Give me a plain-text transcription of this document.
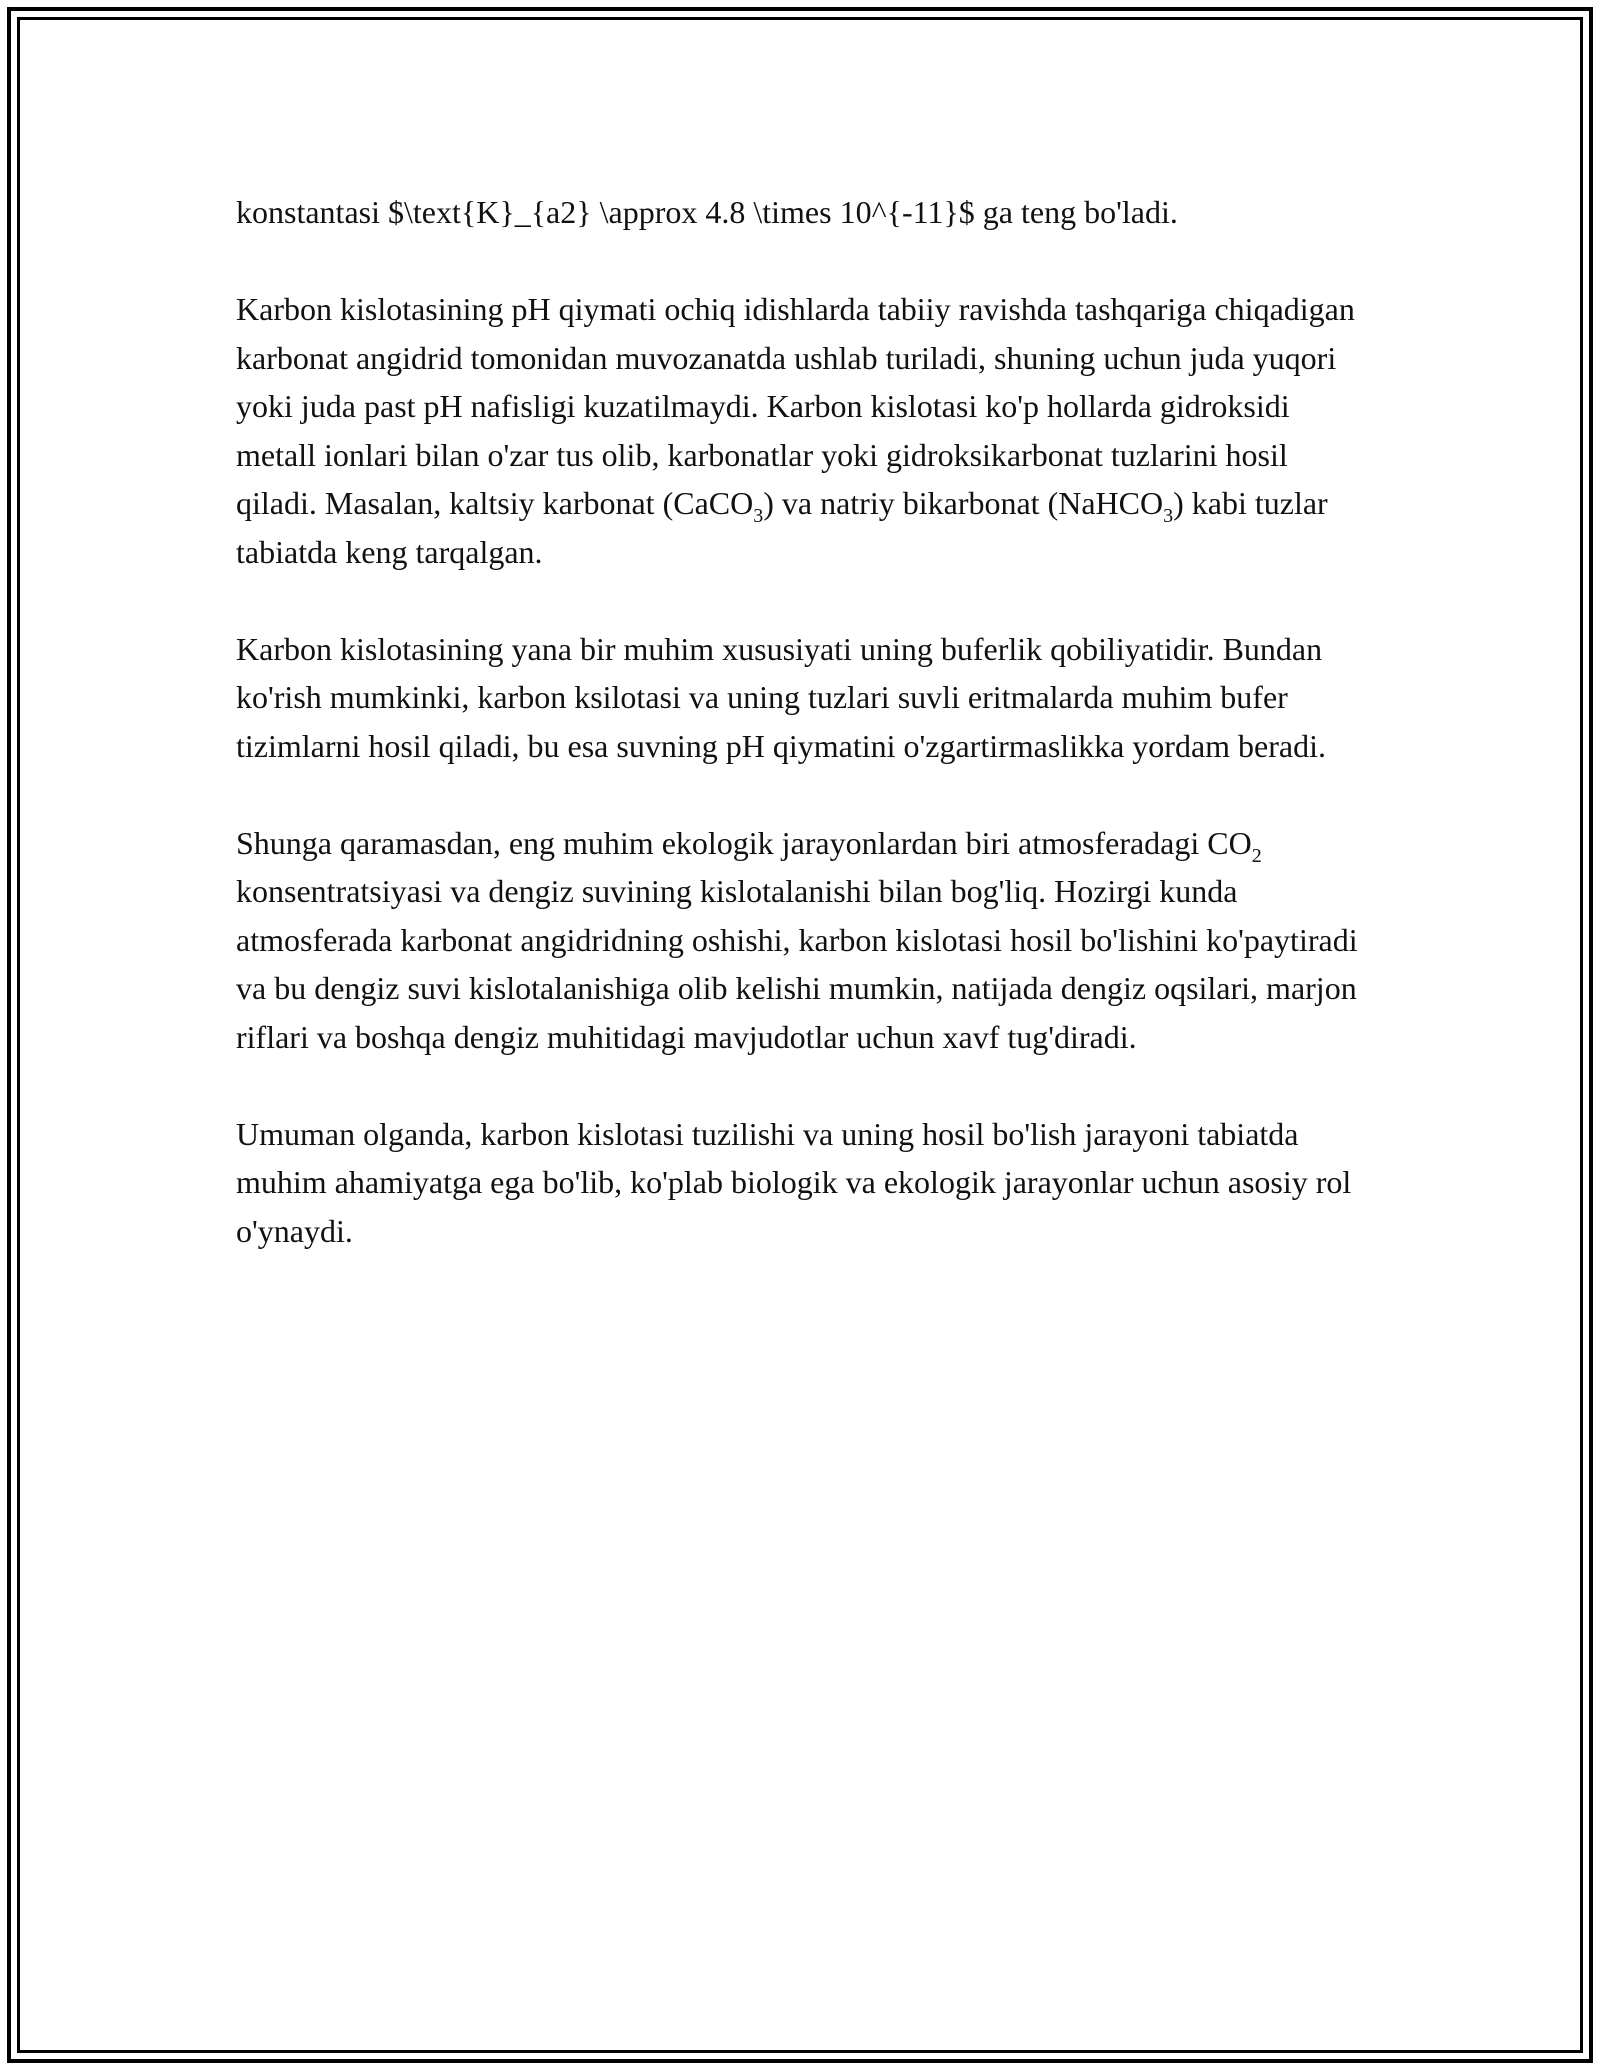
konstantasi $\text{K}_{a2} \approx 4.8 \times 10^{-11}$ ga teng bo'ladi.

Karbon kislotasining pH qiymati ochiq idishlarda tabiiy ravishda tashqariga chiqadigan karbonat angidrid tomonidan muvozanatda ushlab turiladi, shuning uchun juda yuqori yoki juda past pH nafisligi kuzatilmaydi. Karbon kislotasi ko'p hollarda gidroksidi metall ionlari bilan o'zar tus olib, karbonatlar yoki gidroksikarbonat tuzlarini hosil qiladi. Masalan, kaltsiy karbonat (CaCO$_3$) va natriy bikarbonat (NaHCO$_3$) kabi tuzlar tabiatda keng tarqalgan.

Karbon kislotasining yana bir muhim xususiyati uning buferlik qobiliyatidir. Bundan ko'rish mumkinki, karbon ksilotasi va uning tuzlari suvli eritmalarda muhim bufer tizimlarni hosil qiladi, bu esa suvning pH qiymatini o'zgartirmaslikka yordam beradi.

Shunga qaramasdan, eng muhim ekologik jarayonlardan biri atmosferadagi $CO_2$ konsentratsiyasi va dengiz suvining kislotalanishi bilan bog'liq. Hozirgi kunda atmosferada karbonat angidridning oshishi, karbon kislotasi hosil bo'lishini ko'paytiradi va bu dengiz suvi kislotalanishiga olib kelishi mumkin, natijada dengiz oqsilari, marjon riflari va boshqa dengiz muhitidagi mavjudotlar uchun xavf tug'diradi.

Umuman olganda, karbon kislotasi tuzilishi va uning hosil bo'lish jarayoni tabiatda muhim ahamiyatga ega bo'lib, ko'plab biologik va ekologik jarayonlar uchun asosiy rol o'ynaydi.
